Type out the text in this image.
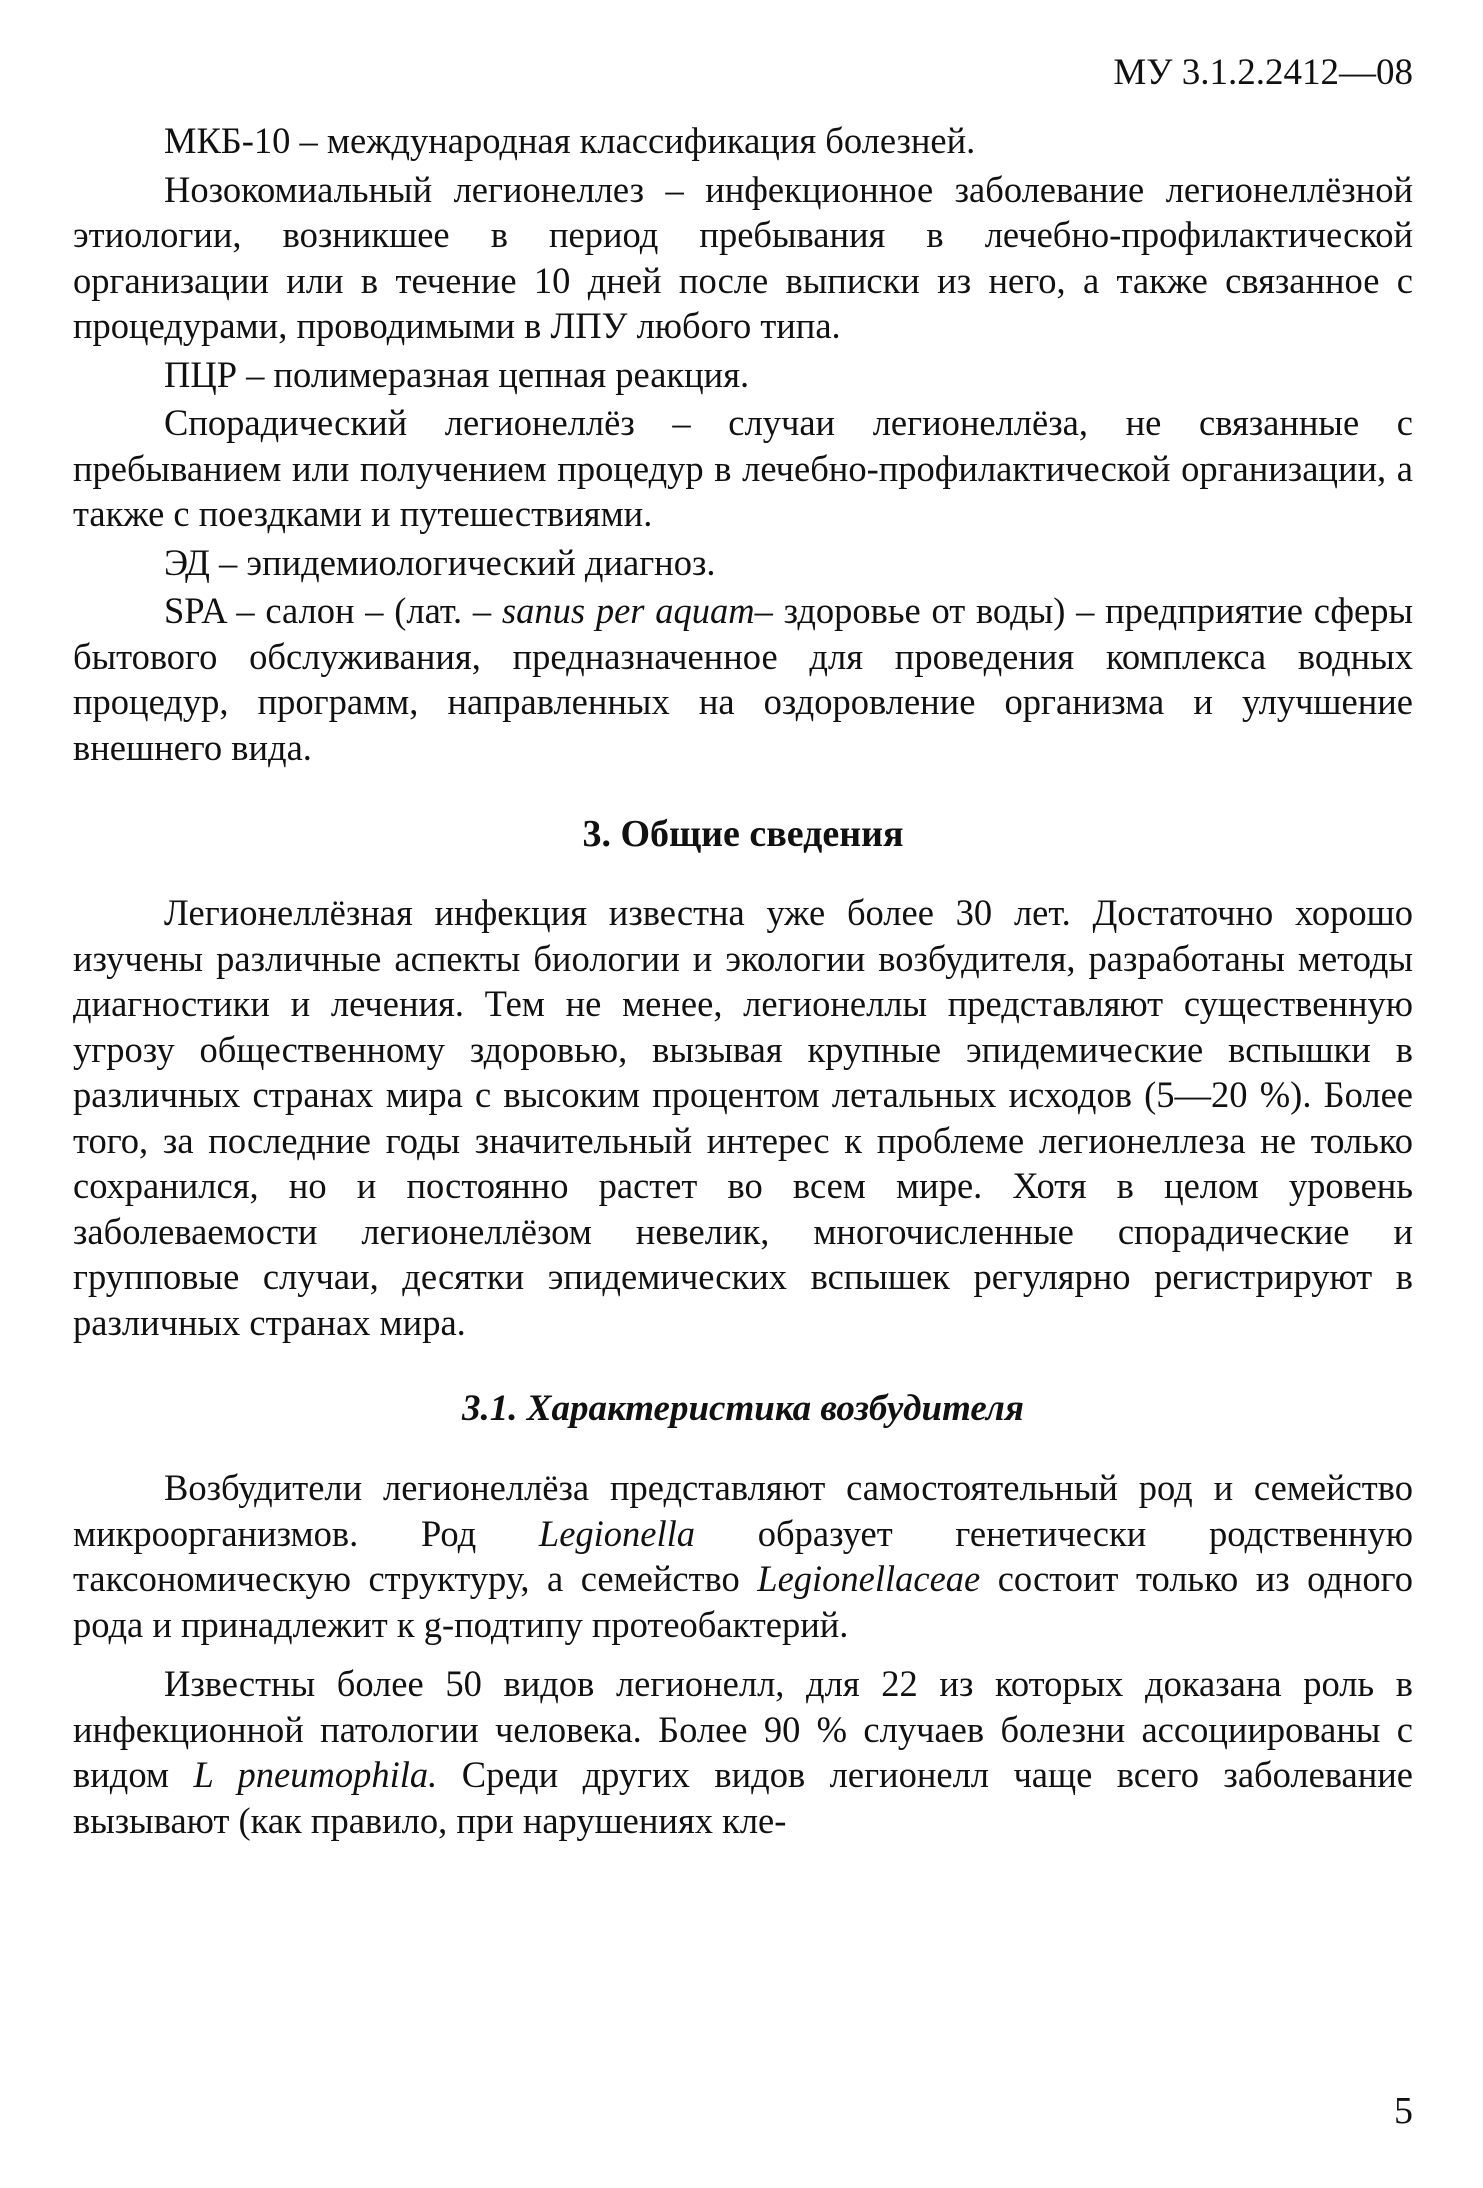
МУ 3.1.2.2412—08

МКБ-10 – международная классификация болезней.

Нозокомиальный легионеллез – инфекционное заболевание легионеллёзной этиологии, возникшее в период пребывания в лечебно-профилактической организации или в течение 10 дней после выписки из него, а также связанное с процедурами, проводимыми в ЛПУ любого типа.

ПЦР – полимеразная цепная реакция.

Спорадический легионеллёз – случаи легионеллёза, не связанные с пребыванием или получением процедур в лечебно-профилактической организации, а также с поездками и путешествиями.

ЭД – эпидемиологический диагноз.

SPA – салон – (лат. – sanus per aquam– здоровье от воды) – предприятие сферы бытового обслуживания, предназначенное для проведения комплекса водных процедур, программ, направленных на оздоровление организма и улучшение внешнего вида.

3. Общие сведения

Легионеллёзная инфекция известна уже более 30 лет. Достаточно хорошо изучены различные аспекты биологии и экологии возбудителя, разработаны методы диагностики и лечения. Тем не менее, легионеллы представляют существенную угрозу общественному здоровью, вызывая крупные эпидемические вспышки в различных странах мира с высоким процентом летальных исходов (5—20 %). Более того, за последние годы значительный интерес к проблеме легионеллеза не только сохранился, но и постоянно растет во всем мире. Хотя в целом уровень заболеваемости легионеллёзом невелик, многочисленные спорадические и групповые случаи, десятки эпидемических вспышек регулярно регистрируют в различных странах мира.

3.1. Характеристика возбудителя

Возбудители легионеллёза представляют самостоятельный род и семейство микроорганизмов. Род Legionella образует генетически родственную таксономическую структуру, а семейство Legionellaceae состоит только из одного рода и принадлежит к g-подтипу протеобактерий.

Известны более 50 видов легионелл, для 22 из которых доказана роль в инфекционной патологии человека. Более 90 % случаев болезни ассоциированы с видом L pneumophila. Среди других видов легионелл чаще всего заболевание вызывают (как правило, при нарушениях кле-

5
